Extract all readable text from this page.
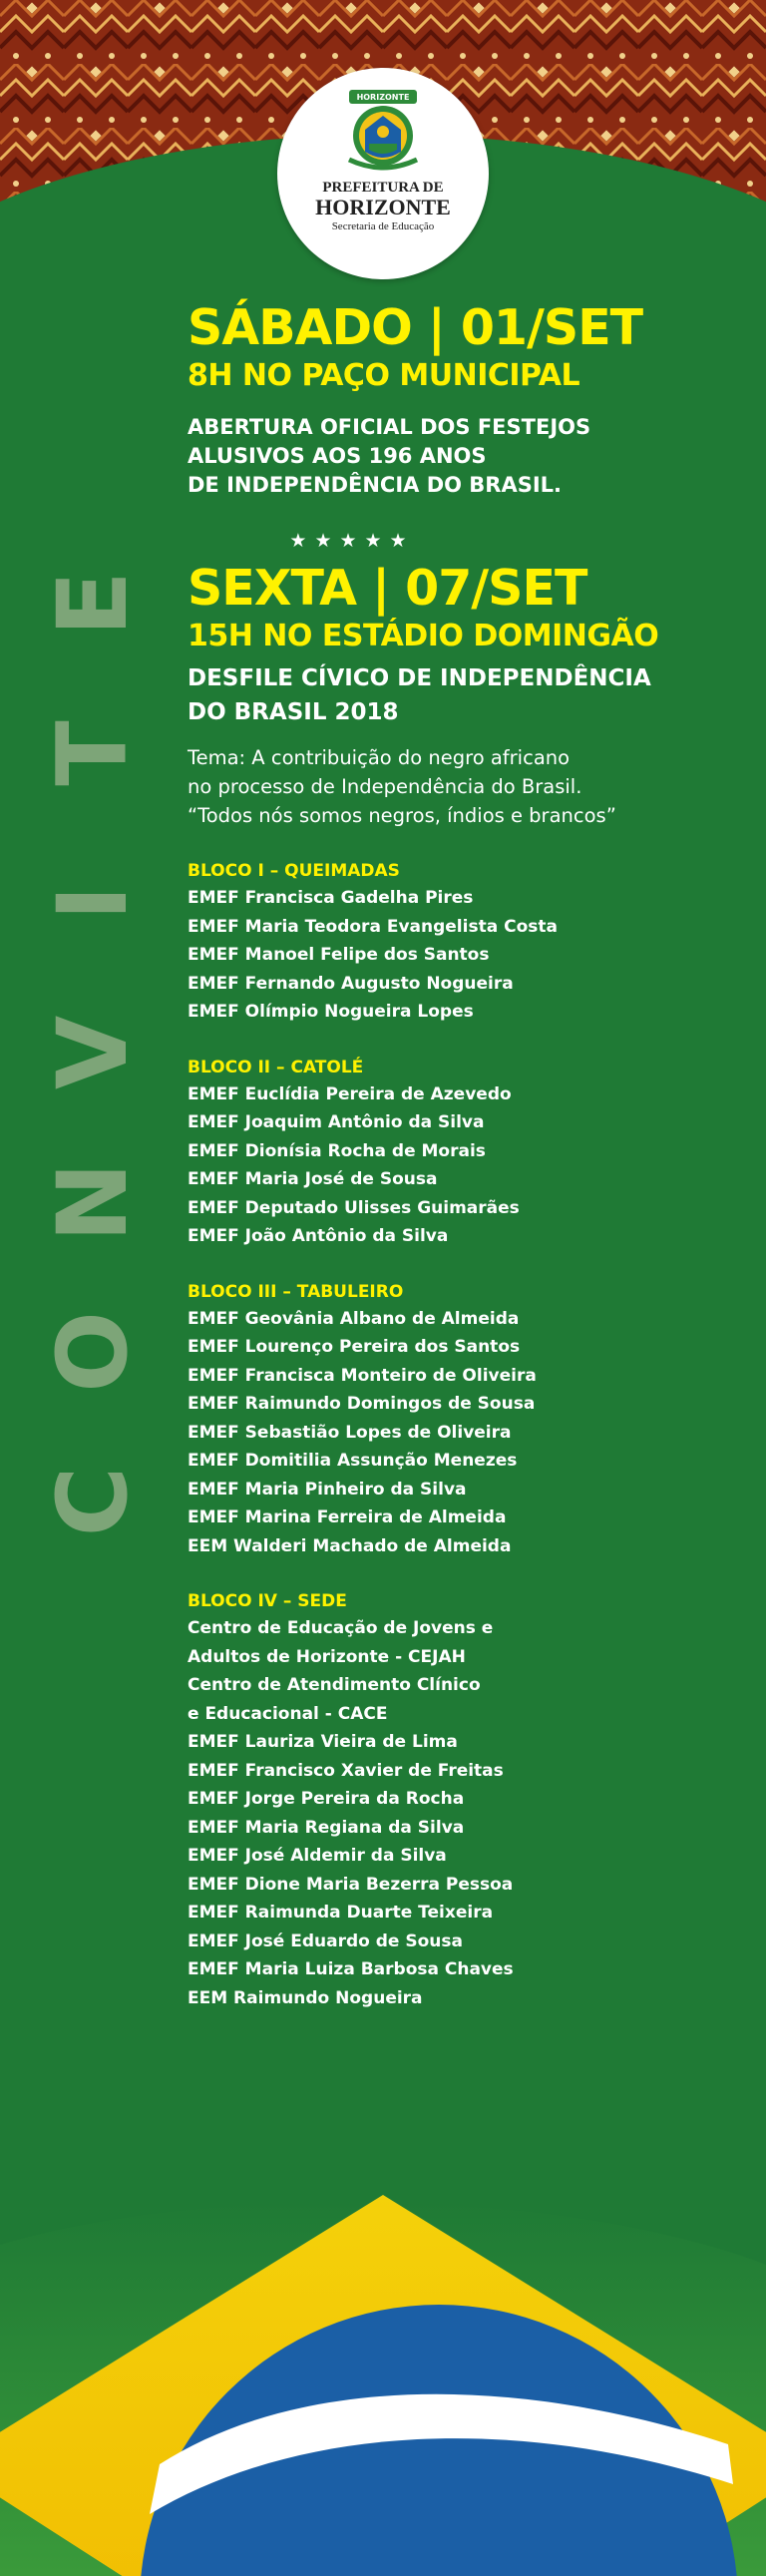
HORIZONTE
PREFEITURA DE
HORIZONTE
Secretaria de Educação
E
T
I
V
N
O
C
SÁBADO | 01/SET
8H NO PAÇO MUNICIPAL
ABERTURA OFICIAL DOS FESTEJOS
ALUSIVOS AOS 196 ANOS
DE INDEPENDÊNCIA DO BRASIL.
★★★★★
SEXTA | 07/SET
15H NO ESTÁDIO DOMINGÃO
DESFILE CÍVICO DE INDEPENDÊNCIA
DO BRASIL 2018
Tema: A contribuição do negro africano
no processo de Independência do Brasil.
“Todos nós somos negros, índios e brancos”
BLOCO I – QUEIMADAS
EMEF Francisca Gadelha Pires
EMEF Maria Teodora Evangelista Costa
EMEF Manoel Felipe dos Santos
EMEF Fernando Augusto Nogueira
EMEF Olímpio Nogueira Lopes
BLOCO II – CATOLÉ
EMEF Euclídia Pereira de Azevedo
EMEF Joaquim Antônio da Silva
EMEF Dionísia Rocha de Morais
EMEF Maria José de Sousa
EMEF Deputado Ulisses Guimarães
EMEF João Antônio da Silva
BLOCO III – TABULEIRO
EMEF Geovânia Albano de Almeida
EMEF Lourenço Pereira dos Santos
EMEF Francisca Monteiro de Oliveira
EMEF Raimundo Domingos de Sousa
EMEF Sebastião Lopes de Oliveira
EMEF Domitilia Assunção Menezes
EMEF Maria Pinheiro da Silva
EMEF Marina Ferreira de Almeida
EEM Walderi Machado de Almeida
BLOCO IV – SEDE
Centro de Educação de Jovens e
Adultos de Horizonte - CEJAH
Centro de Atendimento Clínico
e Educacional - CACE
EMEF Lauriza Vieira de Lima
EMEF Francisco Xavier de Freitas
EMEF Jorge Pereira da Rocha
EMEF Maria Regiana da Silva
EMEF José Aldemir da Silva
EMEF Dione Maria Bezerra Pessoa
EMEF Raimunda Duarte Teixeira
EMEF José Eduardo de Sousa
EMEF Maria Luiza Barbosa Chaves
EEM Raimundo Nogueira
